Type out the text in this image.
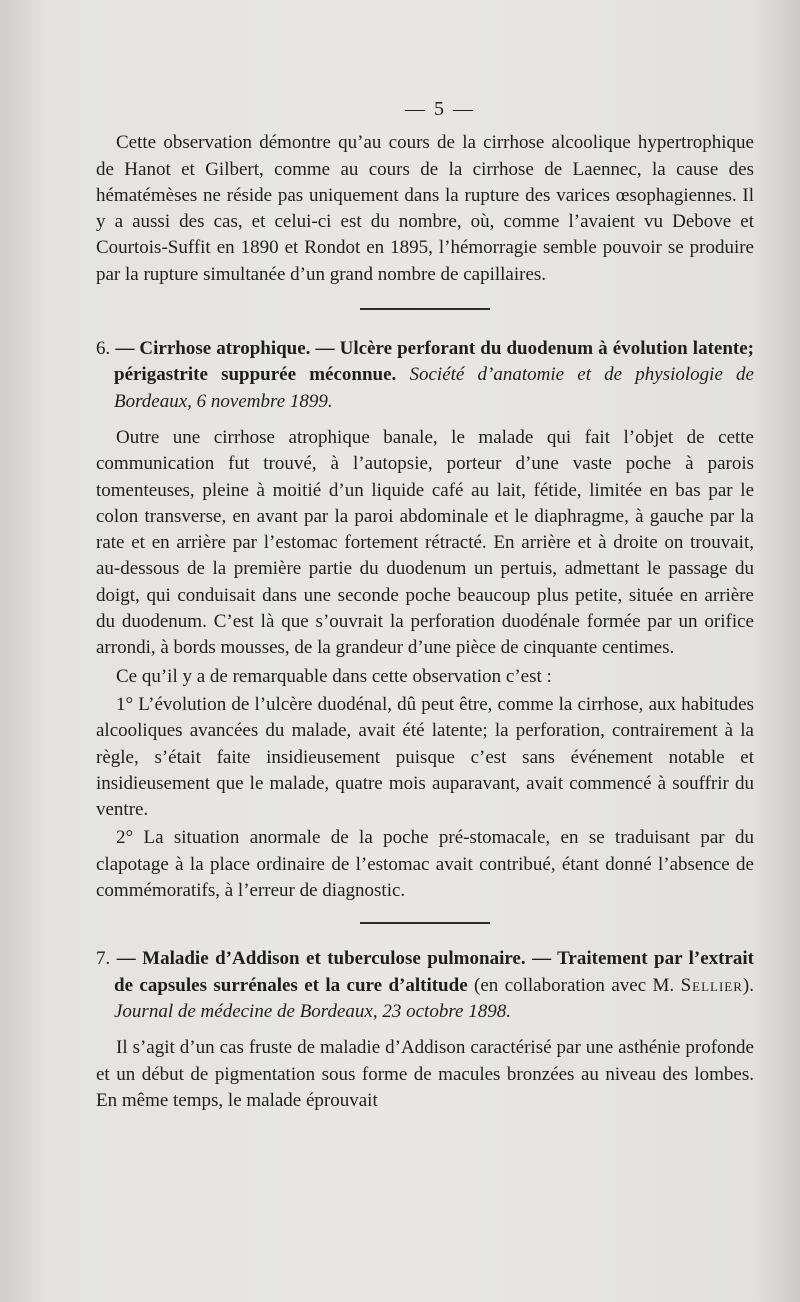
— 5 —

Cette observation démontre qu’au cours de la cirrhose alcoolique hypertrophique de Hanot et Gilbert, comme au cours de la cirrhose de Laennec, la cause des hématémèses ne réside pas uniquement dans la rupture des varices œsophagiennes. Il y a aussi des cas, et celui-ci est du nombre, où, comme l’avaient vu Debove et Courtois-Suffit en 1890 et Rondot en 1895, l’hémorragie semble pouvoir se produire par la rupture simultanée d’un grand nombre de capillaires.

6. — Cirrhose atrophique. — Ulcère perforant du duodenum à évolution latente; périgastrite suppurée méconnue. Société d’anatomie et de physiologie de Bordeaux, 6 novembre 1899.

Outre une cirrhose atrophique banale, le malade qui fait l’objet de cette communication fut trouvé, à l’autopsie, porteur d’une vaste poche à parois tomenteuses, pleine à moitié d’un liquide café au lait, fétide, limitée en bas par le colon transverse, en avant par la paroi abdominale et le diaphragme, à gauche par la rate et en arrière par l’estomac fortement rétracté. En arrière et à droite on trouvait, au-dessous de la première partie du duodenum un pertuis, admettant le passage du doigt, qui conduisait dans une seconde poche beaucoup plus petite, située en arrière du duodenum. C’est là que s’ouvrait la perforation duodénale formée par un orifice arrondi, à bords mousses, de la grandeur d’une pièce de cinquante centimes.

Ce qu’il y a de remarquable dans cette observation c’est :

1° L’évolution de l’ulcère duodénal, dû peut être, comme la cirrhose, aux habitudes alcooliques avancées du malade, avait été latente; la perforation, contrairement à la règle, s’était faite insidieusement puisque c’est sans événement notable et insidieusement que le malade, quatre mois auparavant, avait commencé à souffrir du ventre.

2° La situation anormale de la poche pré-stomacale, en se traduisant par du clapotage à la place ordinaire de l’estomac avait contribué, étant donné l’absence de commémoratifs, à l’erreur de diagnostic.

7. — Maladie d’Addison et tuberculose pulmonaire. — Traitement par l’extrait de capsules surrénales et la cure d’altitude (en collaboration avec M. Sellier). Journal de médecine de Bordeaux, 23 octobre 1898.

Il s’agit d’un cas fruste de maladie d’Addison caractérisé par une asthénie profonde et un début de pigmentation sous forme de macules bronzées au niveau des lombes. En même temps, le malade éprouvait
